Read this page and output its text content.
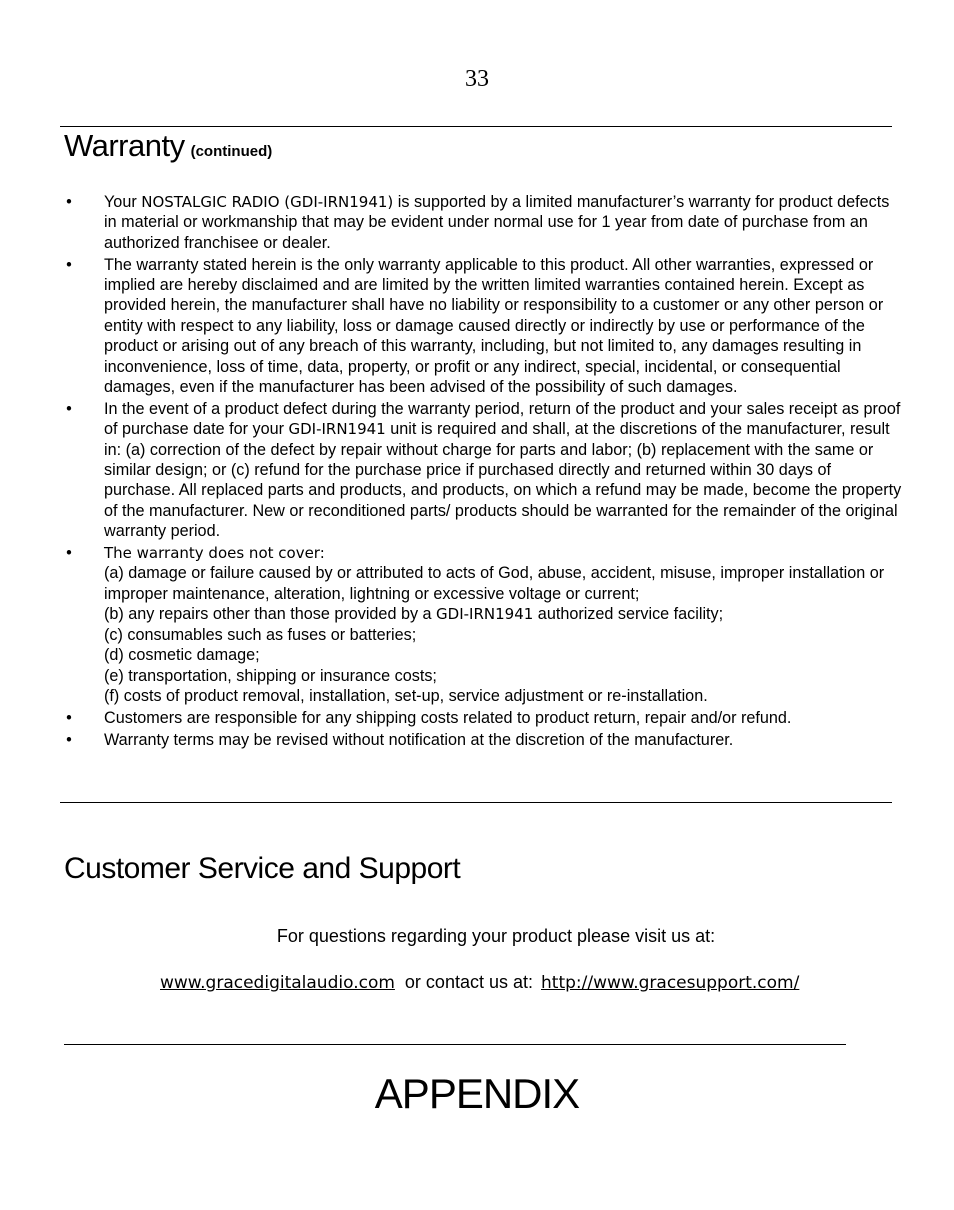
33
Warranty (continued)
• Your NOSTALGIC RADIO (GDI-IRN1941) is supported by a limited manufacturer’s warranty for product defects in material or workmanship that may be evident under normal use for 1 year from date of purchase from an authorized franchisee or dealer.
• The warranty stated herein is the only warranty applicable to this product. All other warranties, expressed or implied are hereby disclaimed and are limited by the written limited warranties contained herein. Except as provided herein, the manufacturer shall have no liability or responsibility to a customer or any other person or entity with respect to any liability, loss or damage caused directly or indirectly by use or performance of the product or arising out of any breach of this warranty, including, but not limited to, any damages resulting in inconvenience, loss of time, data, property, or profit or any indirect, special, incidental, or consequential damages, even if the manufacturer has been advised of the possibility of such damages.
• In the event of a product defect during the warranty period, return of the product and your sales receipt as proof of purchase date for your GDI-IRN1941 unit is required and shall, at the discretions of the manufacturer, result in: (a) correction of the defect by repair without charge for parts and labor; (b) replacement with the same or similar design; or (c) refund for the purchase price if purchased directly and returned within 30 days of purchase. All replaced parts and products, and products, on which a refund may be made, become the property of the manufacturer. New or reconditioned parts/ products should be warranted for the remainder of the original warranty period.
• The warranty does not cover:
(a) damage or failure caused by or attributed to acts of God, abuse, accident, misuse, improper installation or improper maintenance, alteration, lightning or excessive voltage or current;
(b) any repairs other than those provided by a GDI-IRN1941 authorized service facility;
(c) consumables such as fuses or batteries;
(d) cosmetic damage;
(e) transportation, shipping or insurance costs;
(f) costs of product removal, installation, set-up, service adjustment or re-installation.
• Customers are responsible for any shipping costs related to product return, repair and/or refund.
• Warranty terms may be revised without notification at the discretion of the manufacturer.
Customer Service and Support
For questions regarding your product please visit us at:
www.gracedigitalaudio.com or contact us at: http://www.gracesupport.com/
APPENDIX
